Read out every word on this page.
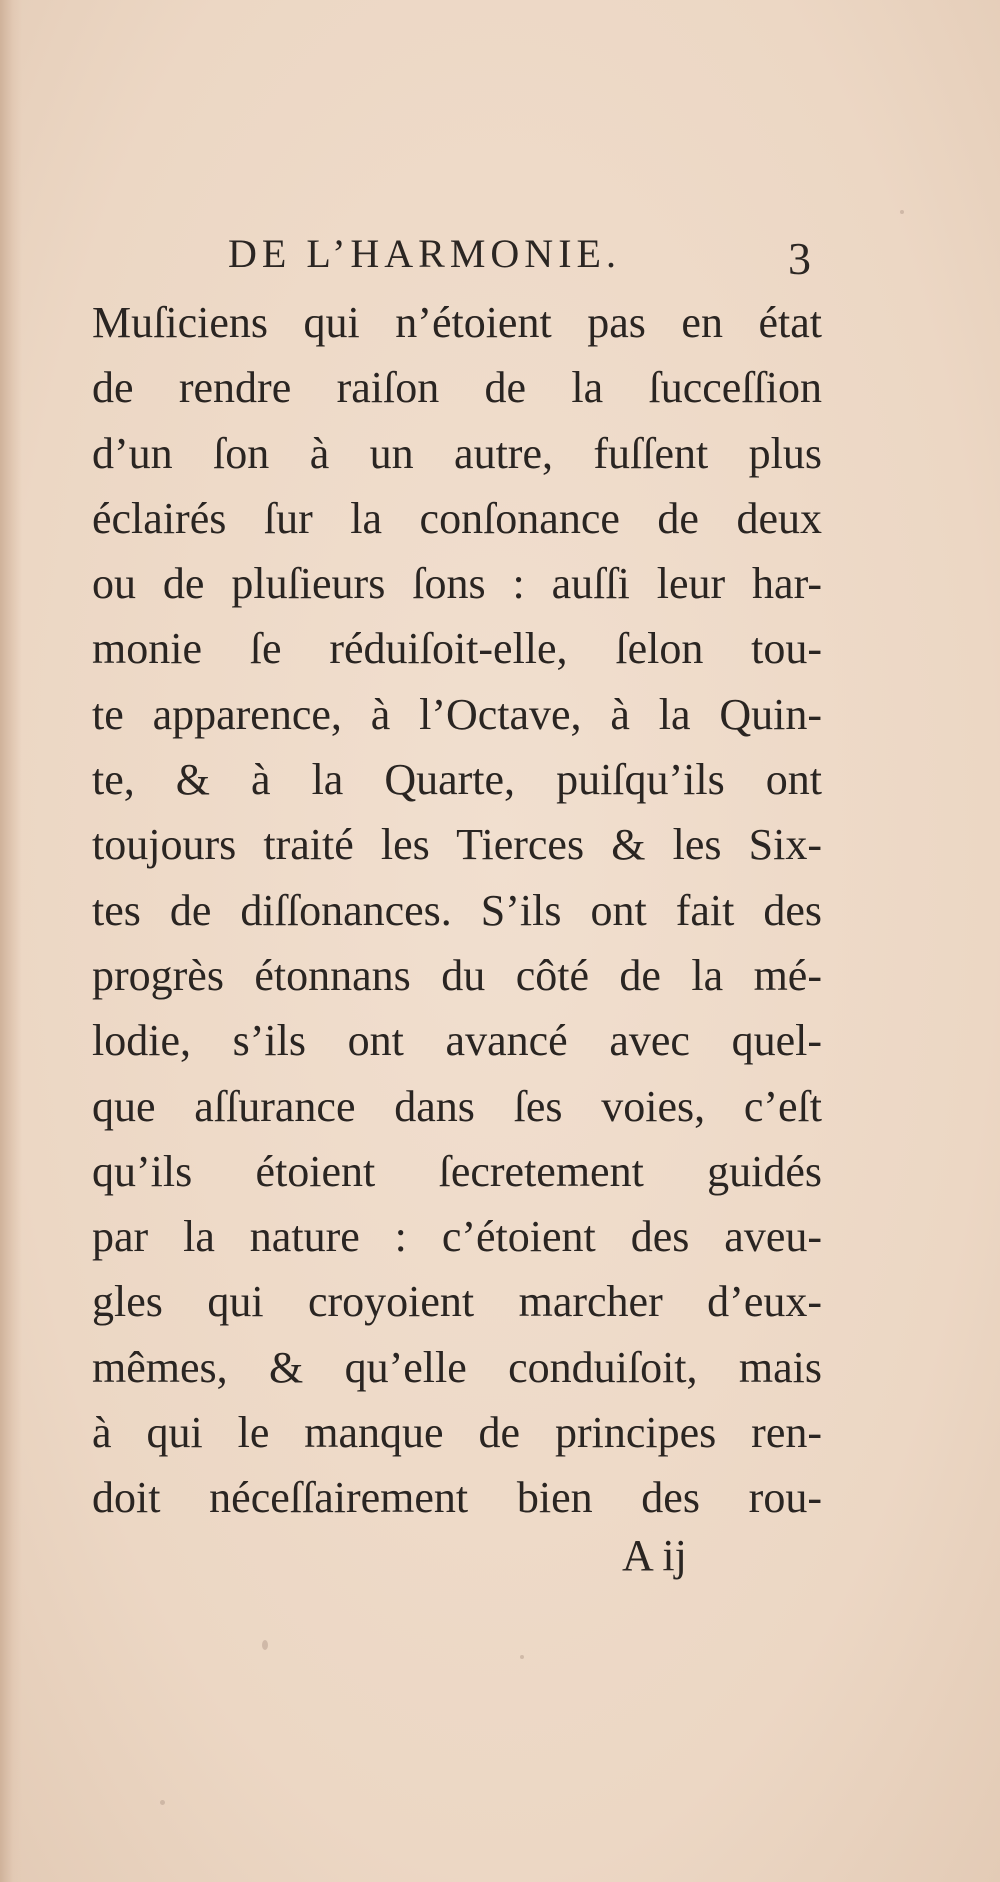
DE L’HARMONIE.	3
Muſiciens qui n’étoient pas en état
de rendre raiſon de la ſucceſſion
d’un ſon à un autre, fuſſent plus
éclairés ſur la conſonance de deux
ou de pluſieurs ſons : auſſi leur har-
monie ſe réduiſoit-elle, ſelon tou-
te apparence, à l’Octave, à la Quin-
te, & à la Quarte, puiſqu’ils ont
toujours traité les Tierces & les Six-
tes de diſſonances. S’ils ont fait des
progrès étonnans du côté de la mé-
lodie, s’ils ont avancé avec quel-
que aſſurance dans ſes voies, c’eſt
qu’ils étoient ſecretement guidés
par la nature : c’étoient des aveu-
gles qui croyoient marcher d’eux-
mêmes, & qu’elle conduiſoit, mais
à qui le manque de principes ren-
doit néceſſairement bien des rou-
A ij
